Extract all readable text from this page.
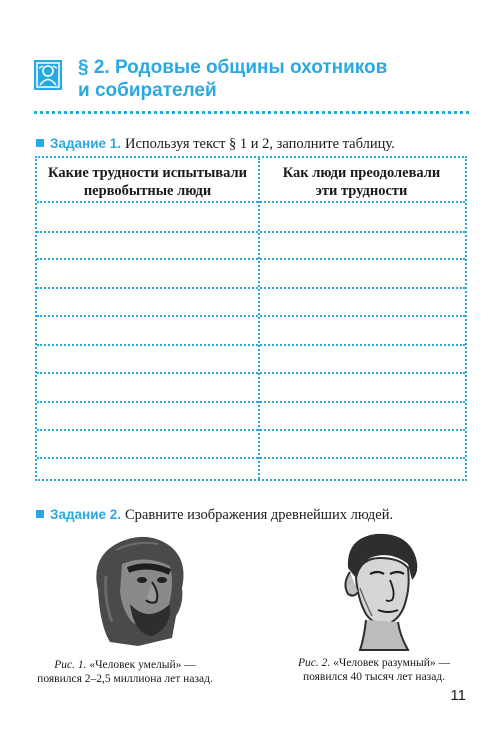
§ 2. Родовые общины охотников
и собирателей
Задание 1. Используя текст § 1 и 2, заполните таблицу.
Какие трудности испытывали
первобытные люди
Как люди преодолевали
эти трудности
Задание 2. Сравните изображения древнейших людей.
Рис. 1. «Человек умелый» —
появился 2–2,5 миллиона лет назад.
Рис. 2. «Человек разумный» —
появился 40 тысяч лет назад.
11
